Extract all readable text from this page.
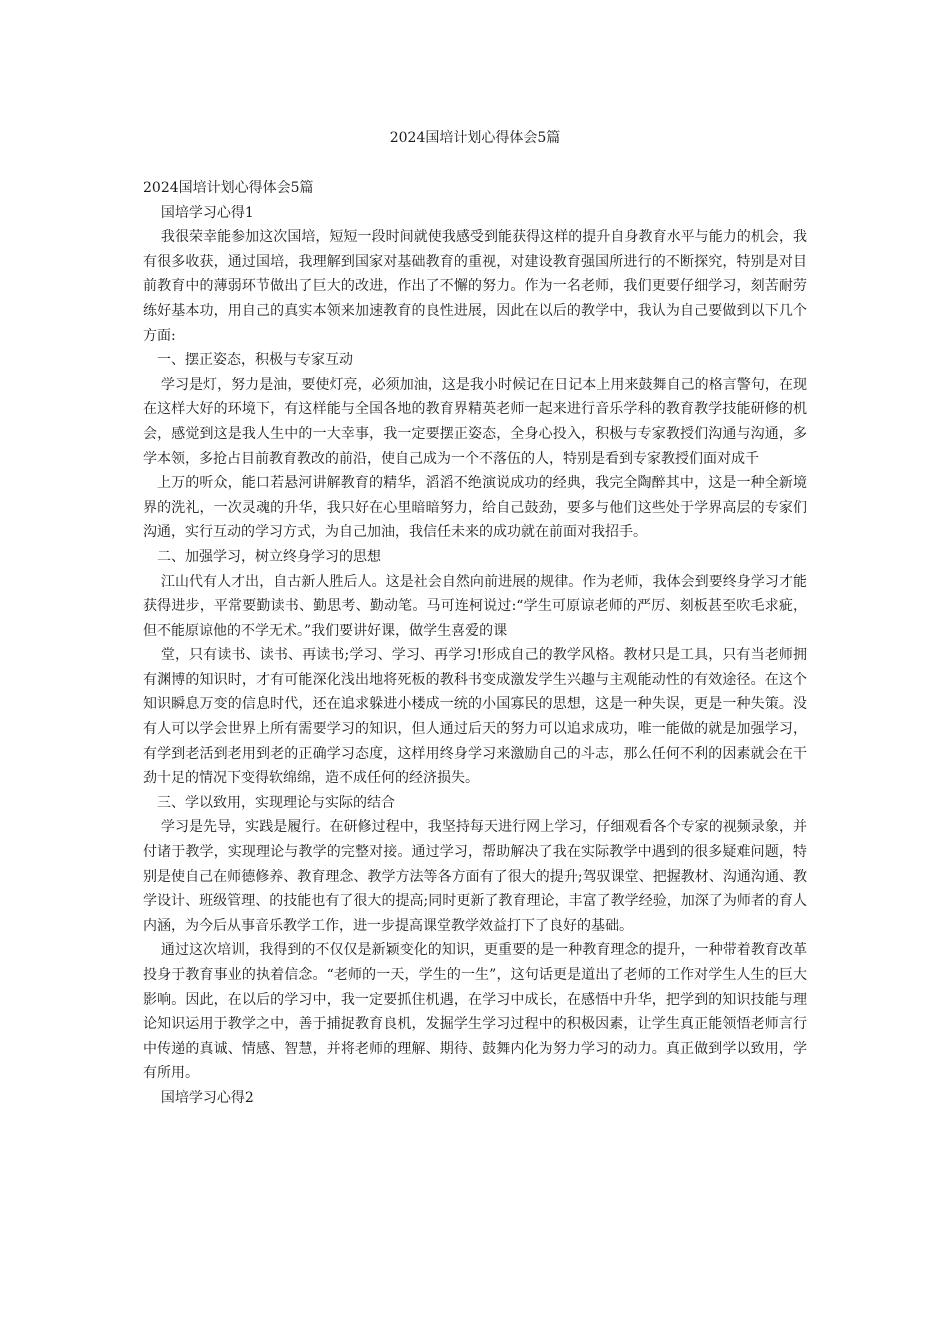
2024国培计划心得体会5篇

2024国培计划心得体会5篇

国培学习心得1

我很荣幸能参加这次国培，短短一段时间就使我感受到能获得这样的提升自身教育水平与能力的机会，我有很多收获，通过国培，我理解到国家对基础教育的重视，对建设教育强国所进行的不断探究，特别是对目前教育中的薄弱环节做出了巨大的改进，作出了不懈的努力。作为一名老师，我们更要仔细学习，刻苦耐劳练好基本功，用自己的真实本领来加速教育的良性进展，因此在以后的教学中，我认为自己要做到以下几个方面:

一、摆正姿态，积极与专家互动

学习是灯，努力是油，要使灯亮，必须加油，这是我小时候记在日记本上用来鼓舞自己的格言警句，在现在这样大好的环境下，有这样能与全国各地的教育界精英老师一起来进行音乐学科的教育教学技能研修的机会，感觉到这是我人生中的一大幸事，我一定要摆正姿态，全身心投入，积极与专家教授们沟通与沟通，多学本领，多抢占目前教育教改的前沿，使自己成为一个不落伍的人，特别是看到专家教授们面对成千

上万的听众，能口若悬河讲解教育的精华，滔滔不绝演说成功的经典，我完全陶醉其中，这是一种全新境界的洗礼，一次灵魂的升华，我只好在心里暗暗努力，给自己鼓劲，要多与他们这些处于学界高层的专家们沟通，实行互动的学习方式，为自己加油，我信任未来的成功就在前面对我招手。

二、加强学习，树立终身学习的思想

江山代有人才出，自古新人胜后人。这是社会自然向前进展的规律。作为老师，我体会到要终身学习才能获得进步，平常要勤读书、勤思考、勤动笔。马可连柯说过:“学生可原谅老师的严厉、刻板甚至吹毛求疵，但不能原谅他的不学无术。”我们要讲好课，做学生喜爱的课

堂，只有读书、读书、再读书;学习、学习、再学习!形成自己的教学风格。教材只是工具，只有当老师拥有渊博的知识时，才有可能深化浅出地将死板的教科书变成激发学生兴趣与主观能动性的有效途径。在这个知识瞬息万变的信息时代，还在追求躲进小楼成一统的小国寡民的思想，这是一种失误，更是一种失策。没有人可以学会世界上所有需要学习的知识，但人通过后天的努力可以追求成功，唯一能做的就是加强学习，有学到老活到老用到老的正确学习态度，这样用终身学习来激励自己的斗志，那么任何不利的因素就会在干劲十足的情况下变得软绵绵，造不成任何的经济损失。

三、学以致用，实现理论与实际的结合

学习是先导，实践是履行。在研修过程中，我坚持每天进行网上学习，仔细观看各个专家的视频录象，并付诸于教学，实现理论与教学的完整对接。通过学习，帮助解决了我在实际教学中遇到的很多疑难问题，特别是使自己在师德修养、教育理念、教学方法等各方面有了很大的提升;驾驭课堂、把握教材、沟通沟通、教学设计、班级管理、的技能也有了很大的提高;同时更新了教育理论，丰富了教学经验，加深了为师者的育人内涵，为今后从事音乐教学工作，进一步提高课堂教学效益打下了良好的基础。

通过这次培训，我得到的不仅仅是新颖变化的知识，更重要的是一种教育理念的提升，一种带着教育改革投身于教育事业的执着信念。“老师的一天，学生的一生”，这句话更是道出了老师的工作对学生人生的巨大影响。因此，在以后的学习中，我一定要抓住机遇，在学习中成长，在感悟中升华，把学到的知识技能与理论知识运用于教学之中，善于捕捉教育良机，发掘学生学习过程中的积极因素，让学生真正能领悟老师言行中传递的真诚、情感、智慧，并将老师的理解、期待、鼓舞内化为努力学习的动力。真正做到学以致用，学有所用。

国培学习心得2
